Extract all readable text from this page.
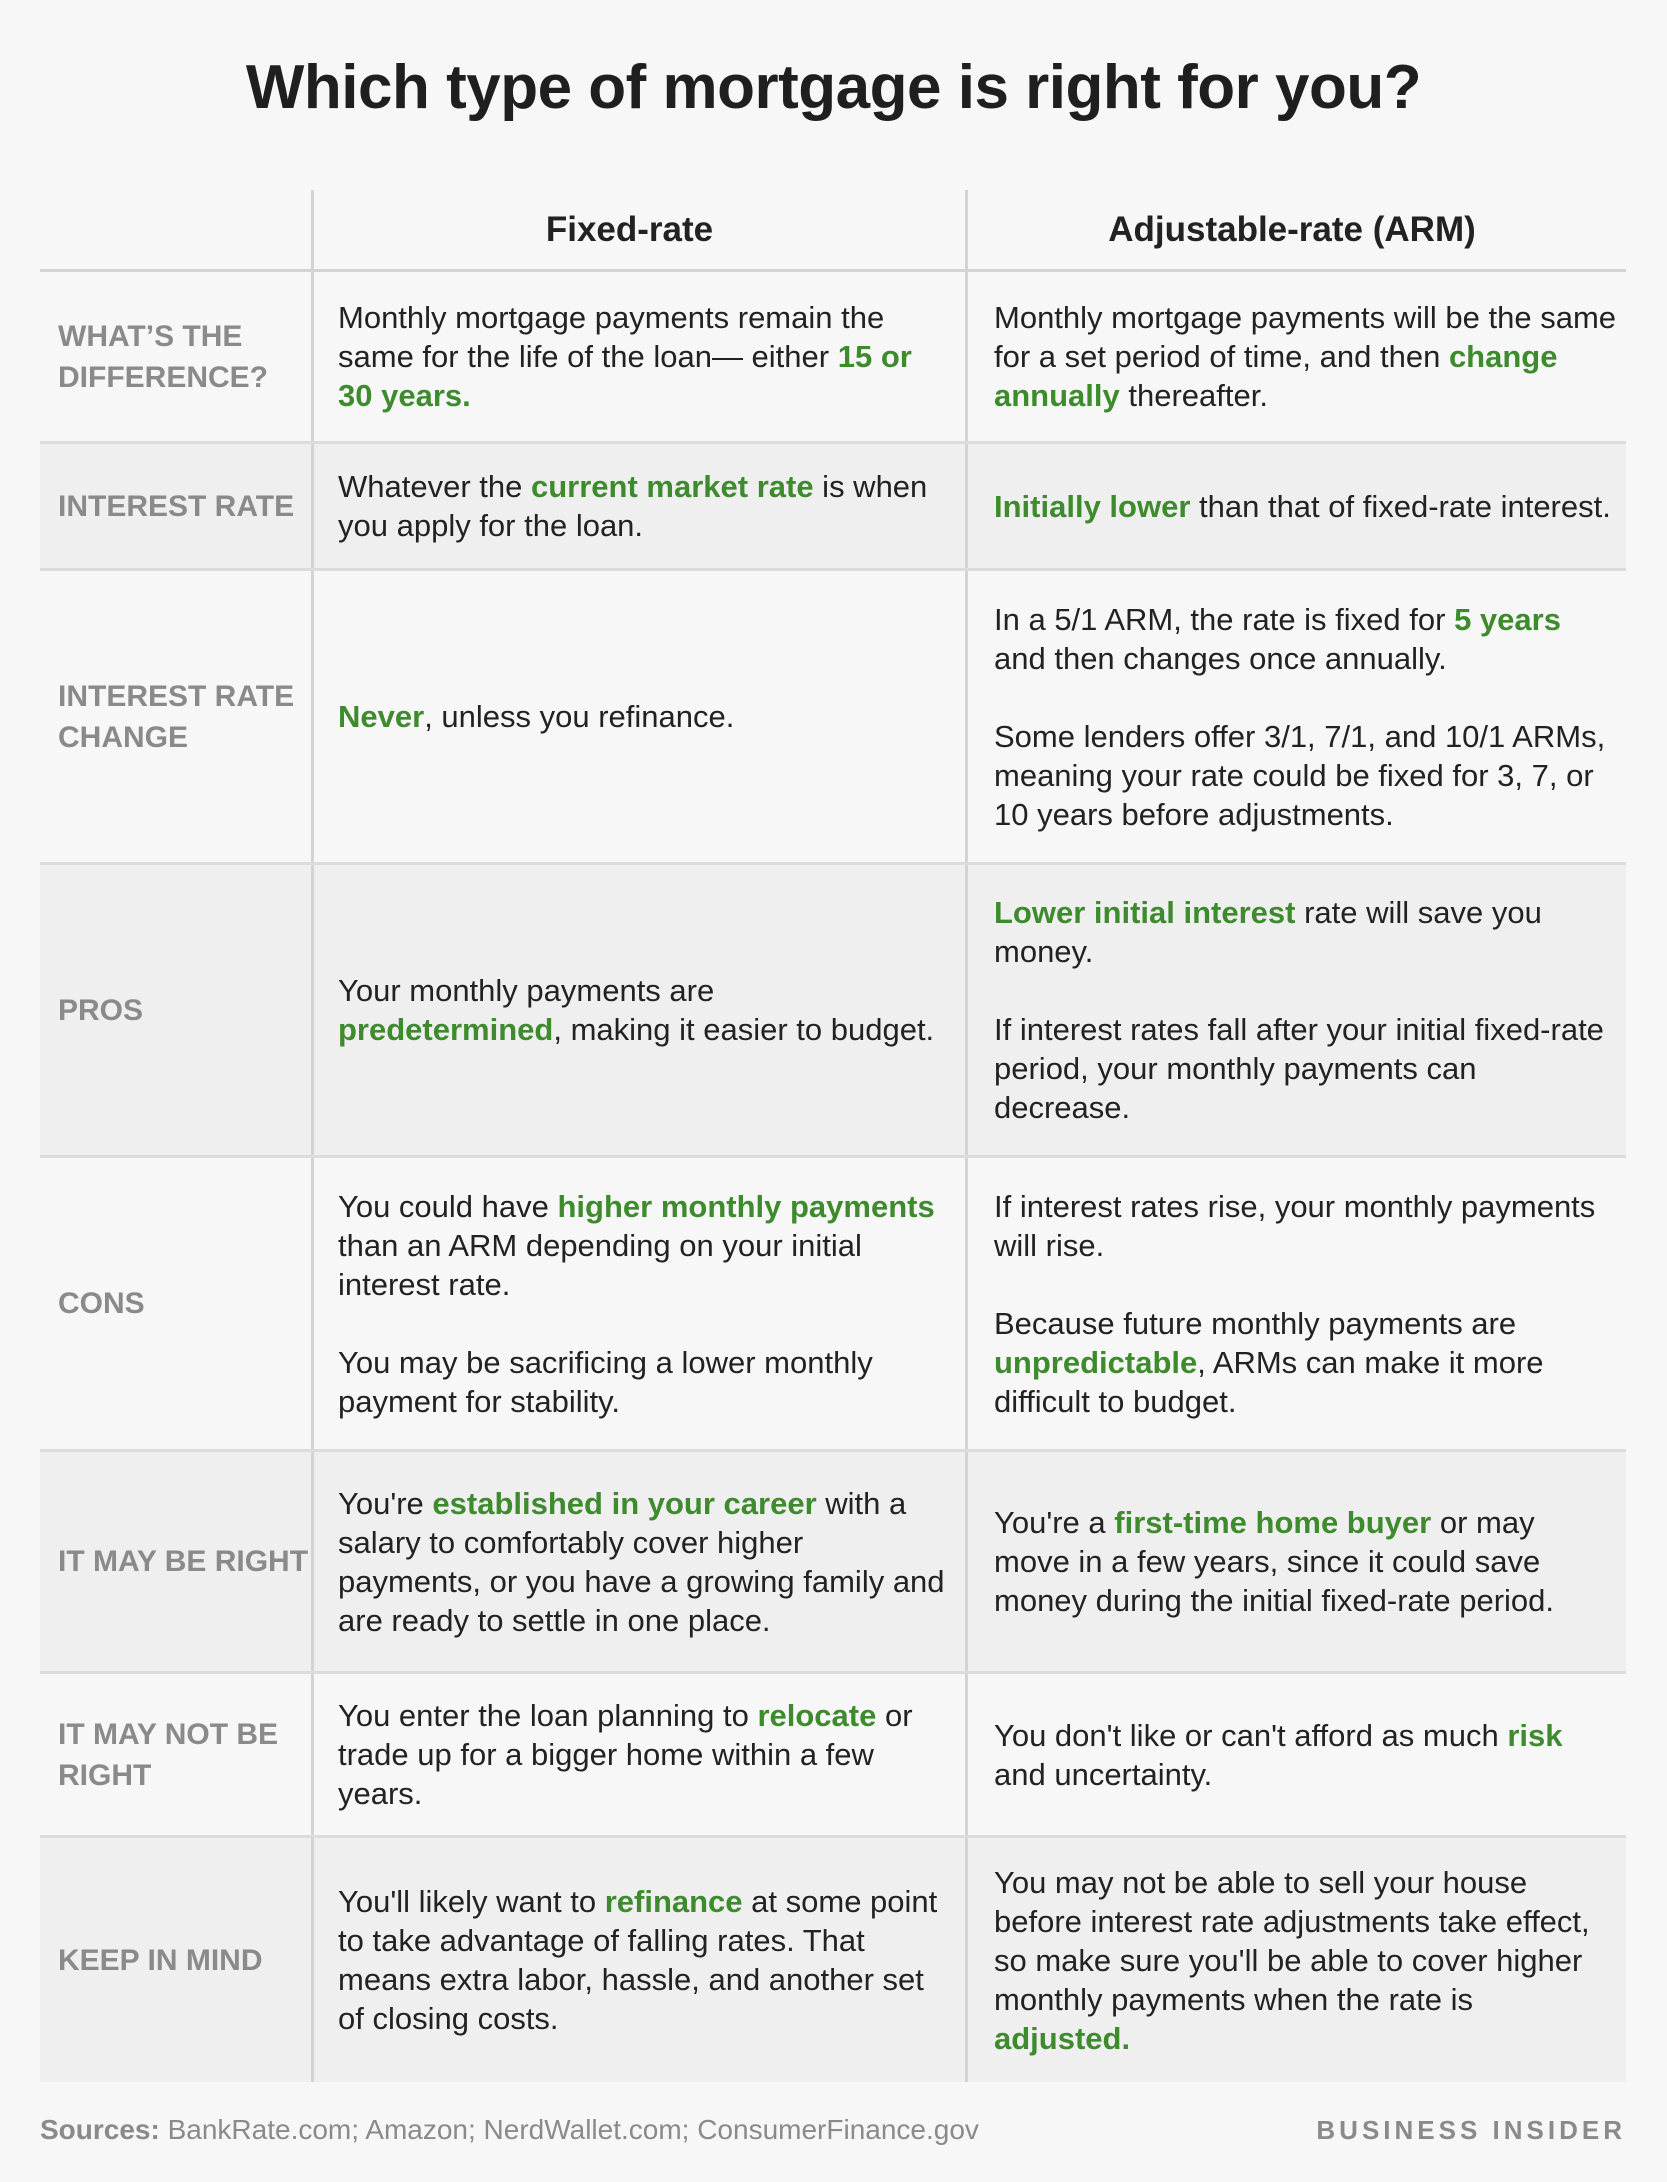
Which type of mortgage is right for you?
Fixed-rate	Adjustable-rate (ARM)
WHAT’S THE DIFFERENCE?

Monthly mortgage payments remain the same for the life of the loan— either 15 or 30 years.

Monthly mortgage payments will be the same for a set period of time, and then change annually thereafter.

INTEREST RATE

Whatever the current market rate is when you apply for the loan.

Initially lower than that of fixed-rate interest.

INTEREST RATE CHANGE

Never, unless you refinance.

In a 5/1 ARM, the rate is fixed for 5 years and then changes once annually.

Some lenders offer 3/1, 7/1, and 10/1 ARMs, meaning your rate could be fixed for 3, 7, or 10 years before adjustments.

PROS

Your monthly payments are predetermined, making it easier to budget.

Lower initial interest rate will save you money.

If interest rates fall after your initial fixed-rate period, your monthly payments can decrease.

CONS

You could have higher monthly payments than an ARM depending on your initial interest rate.

You may be sacrificing a lower monthly payment for stability.

If interest rates rise, your monthly payments will rise.

Because future monthly payments are unpredictable, ARMs can make it more difficult to budget.

IT MAY BE RIGHT

You're established in your career with a salary to comfortably cover higher payments, or you have a growing family and are ready to settle in one place.

You're a first-time home buyer or may move in a few years, since it could save money during the initial fixed-rate period.

IT MAY NOT BE RIGHT

You enter the loan planning to relocate or trade up for a bigger home within a few years.

You don't like or can't afford as much risk and uncertainty.

KEEP IN MIND

You'll likely want to refinance at some point to take advantage of falling rates. That means extra labor, hassle, and another set of closing costs.

You may not be able to sell your house before interest rate adjustments take effect, so make sure you'll be able to cover higher monthly payments when the rate is adjusted.

Sources: BankRate.com; Amazon; NerdWallet.com; ConsumerFinance.gov	BUSINESS INSIDER
